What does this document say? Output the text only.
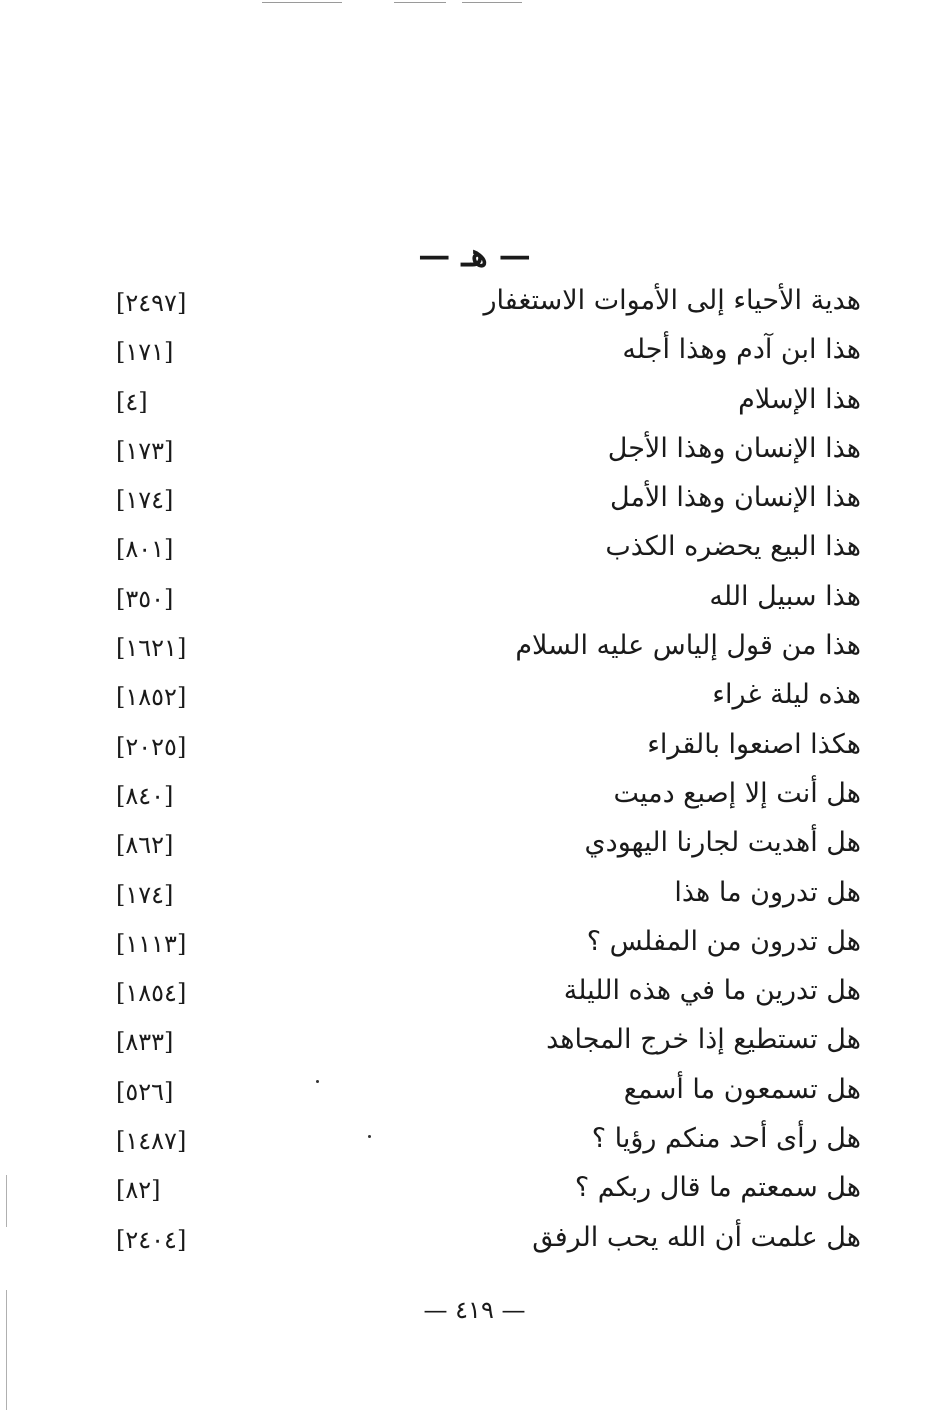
— هـ —
هدية الأحياء إلى الأموات الاستغفار
[٢٤٩٧]
هذا ابن آدم وهذا أجله
[١٧١]
هذا الإسلام
[٤]
هذا الإنسان وهذا الأجل
[١٧٣]
هذا الإنسان وهذا الأمل
[١٧٤]
هذا البيع يحضره الكذب
[٨٠١]
هذا سبيل الله
[٣٥٠]
هذا من قول إلياس عليه السلام
[١٦٢١]
هذه ليلة غراء
[١٨٥٢]
هكذا اصنعوا بالقراء
[٢٠٢٥]
هل أنت إلا إصبع دميت
[٨٤٠]
هل أهديت لجارنا اليهودي
[٨٦٢]
هل تدرون ما هذا
[١٧٤]
هل تدرون من المفلس ؟
[١١١٣]
هل تدرين ما في هذه الليلة
[١٨٥٤]
هل تستطيع إذا خرج المجاهد
[٨٣٣]
هل تسمعون ما أسمع
[٥٢٦]
هل رأى أحد منكم رؤيا ؟
[١٤٨٧]
هل سمعتم ما قال ربكم ؟
[٨٢]
هل علمت أن الله يحب الرفق
[٢٤٠٤]
— ٤١٩ —
